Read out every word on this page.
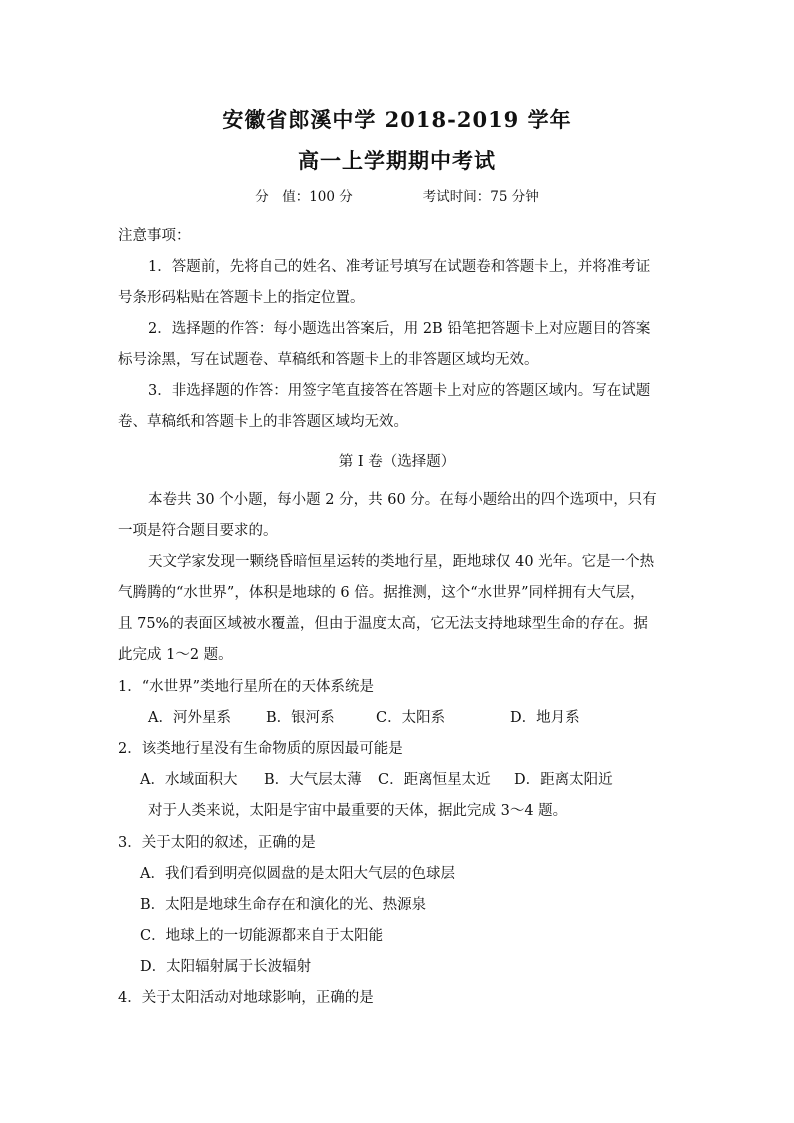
安徽省郎溪中学 2018-2019 学年
高一上学期期中考试
分　值：100 分	考试时间：75 分钟
注意事项：
1．答题前，先将自己的姓名、准考证号填写在试题卷和答题卡上，并将准考证
号条形码粘贴在答题卡上的指定位置。
2．选择题的作答：每小题选出答案后，用 2B 铅笔把答题卡上对应题目的答案
标号涂黑，写在试题卷、草稿纸和答题卡上的非答题区域均无效。
3．非选择题的作答：用签字笔直接答在答题卡上对应的答题区域内。写在试题
卷、草稿纸和答题卡上的非答题区域均无效。
第 I 卷（选择题）
本卷共 30 个小题，每小题 2 分，共 60 分。在每小题给出的四个选项中，只有
一项是符合题目要求的。
天文学家发现一颗绕昏暗恒星运转的类地行星，距地球仅 40 光年。它是一个热
气腾腾的“水世界”，体积是地球的 6 倍。据推测，这个“水世界”同样拥有大气层，
且 75%的表面区域被水覆盖，但由于温度太高，它无法支持地球型生命的存在。据
此完成 1～2 题。
1．“水世界”类地行星所在的天体系统是
A．河外星系 B．银河系	C．太阳系	D．地月系
2．该类地行星没有生命物质的原因最可能是
A．水域面积大 B．大气层太薄 C．距离恒星太近 D．距离太阳近
对于人类来说，太阳是宇宙中最重要的天体，据此完成 3～4 题。
3．关于太阳的叙述，正确的是
A．我们看到明亮似圆盘的是太阳大气层的色球层
B．太阳是地球生命存在和演化的光、热源泉
C．地球上的一切能源都来自于太阳能
D．太阳辐射属于长波辐射
4．关于太阳活动对地球影响，正确的是
